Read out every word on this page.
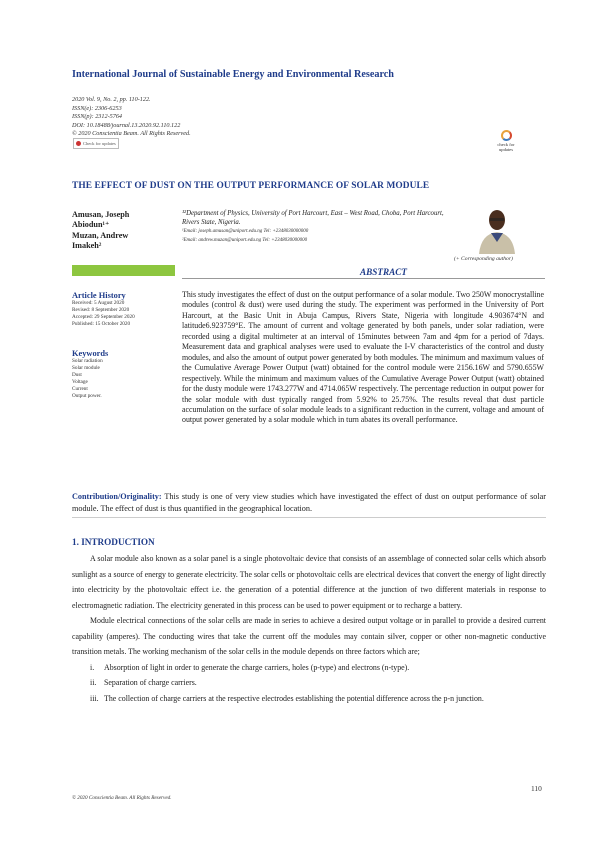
International Journal of Sustainable Energy and Environmental Research
2020 Vol. 9, No. 2, pp. 110-122.
ISSN(e): 2306-6253
ISSN(p): 2312-5764
DOI: 10.18488/journal.13.2020.92.110.122
© 2020 Conscientia Beam. All Rights Reserved.
Check for updates	check for updates
THE EFFECT OF DUST ON THE OUTPUT PERFORMANCE OF SOLAR MODULE
Amusan, Joseph Abiodun¹⁺
Muzan, Andrew Imakeh²
¹²Department of Physics, University of Port Harcourt, East – West Road, Choba, Port Harcourt, Rivers State, Nigeria.
¹Email: joseph.amusan@uniport.edu.ng Tel: +2348030000000
²Email: andrew.muzan@uniport.edu.ng Tel: +2348030000000
(+ Corresponding author)
ABSTRACT
Article History
Received: 5 August 2020
Revised: 8 September 2020
Accepted: 29 September 2020
Published: 15 October 2020
Keywords
Solar radiation
Solar module
Dust
Voltage
Current
Output power.
This study investigates the effect of dust on the output performance of a solar module. Two 250W monocrystalline modules (control & dust) were used during the study. The experiment was performed in the University of Port Harcourt, at the Basic Unit in Abuja Campus, Rivers State, Nigeria with longitude 4.903674°N and latitude6.923759°E. The amount of current and voltage generated by both panels, under solar radiation, were recorded using a digital multimeter at an interval of 15minutes between 7am and 4pm for a period of 7days. Measurement data and graphical analyses were used to evaluate the I-V characteristics of the control and dusty modules, and also the amount of output power generated by both modules. The minimum and maximum values of the Cumulative Average Power Output (watt) obtained for the control module were 2156.16W and 5790.655W respectively. While the minimum and maximum values of the Cumulative Average Power Output (watt) obtained for the dusty module were 1743.277W and 4714.065W respectively. The percentage reduction in output power for the solar module with dust typically ranged from 5.92% to 25.75%. The results reveal that dust particle accumulation on the surface of solar module leads to a significant reduction in the current, voltage and amount of output power generated by a solar module which in turn abates its overall performance.
Contribution/Originality: This study is one of very view studies which have investigated the effect of dust on output performance of solar module. The effect of dust is thus quantified in the geographical location.
1. INTRODUCTION

A solar module also known as a solar panel is a single photovoltaic device that consists of an assemblage of connected solar cells which absorb sunlight as a source of energy to generate electricity. The solar cells or photovoltaic cells are electrical devices that convert the energy of light directly into electricity by the photovoltaic effect i.e. the generation of a potential difference at the junction of two different materials in response to electromagnetic radiation. The electricity generated in this process can be used to power equipment or to recharge a battery.

Module electrical connections of the solar cells are made in series to achieve a desired output voltage or in parallel to provide a desired current capability (amperes). The conducting wires that take the current off the modules may contain silver, copper or other non-magnetic conductive transition metals. The working mechanism of the solar cells in the module depends on three factors which are;

i. Absorption of light in order to generate the charge carriers, holes (p-type) and electrons (n-type).
ii. Separation of charge carriers.
iii. The collection of charge carriers at the respective electrodes establishing the potential difference across the p-n junction.
110
© 2020 Conscientia Beam. All Rights Reserved.
